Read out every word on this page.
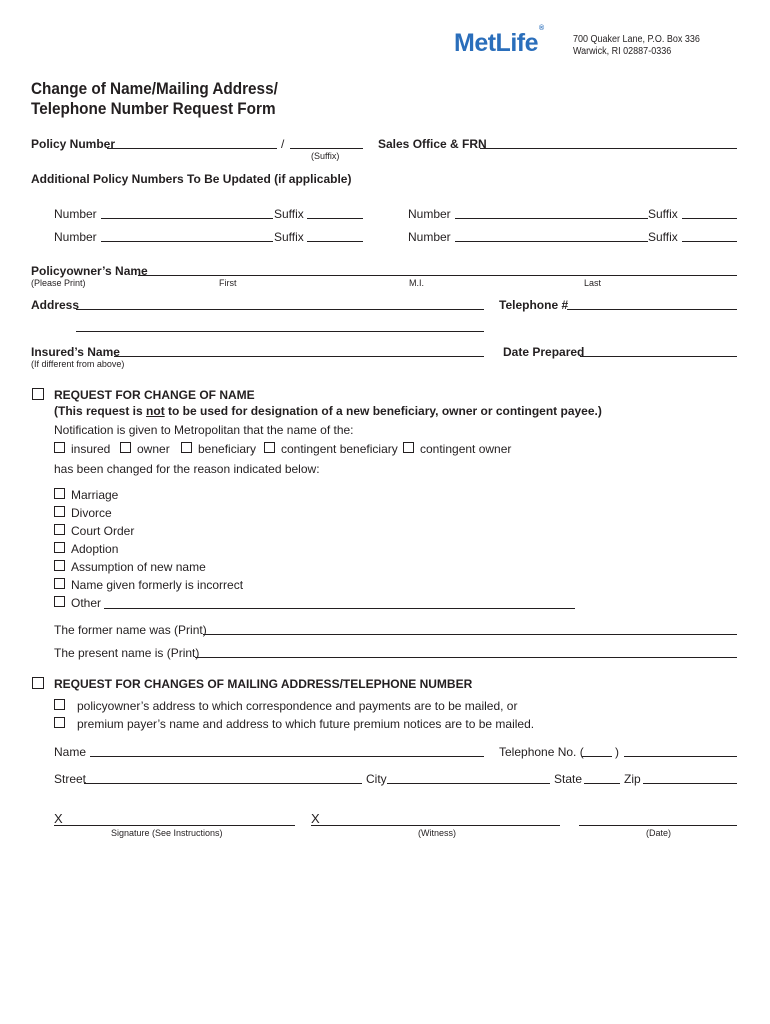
MetLife®
700 Quaker Lane, P.O. Box 336
Warwick, RI 02887-0336
Change of Name/Mailing Address/
Telephone Number Request Form
Policy Number	/
(Suffix)
Sales Office & FRN
Additional Policy Numbers To Be Updated (if applicable)
Number	Suffix	Number	Suffix
Number	Suffix	Number	Suffix
Policyowner’s Name
(Please Print)	First	M.I.	Last
Address	Telephone #
Insured’s Name
(If different from above)
Date Prepared
REQUEST FOR CHANGE OF NAME
(This request is not to be used for designation of a new beneficiary, owner or contingent payee.)
Notification is given to Metropolitan that the name of the:
insured owner beneficiary contingent beneficiary contingent owner
has been changed for the reason indicated below:
Marriage
Divorce
Court Order
Adoption
Assumption of new name
Name given formerly is incorrect
Other
The former name was (Print)
The present name is (Print)
REQUEST FOR CHANGES OF MAILING ADDRESS/TELEPHONE NUMBER
policyowner’s address to which correspondence and payments are to be mailed, or
premium payer’s name and address to which future premium notices are to be mailed.
Name	Telephone No. (	)
Street	City	State	Zip
X
Signature (See Instructions)
X
(Witness)	(Date)
